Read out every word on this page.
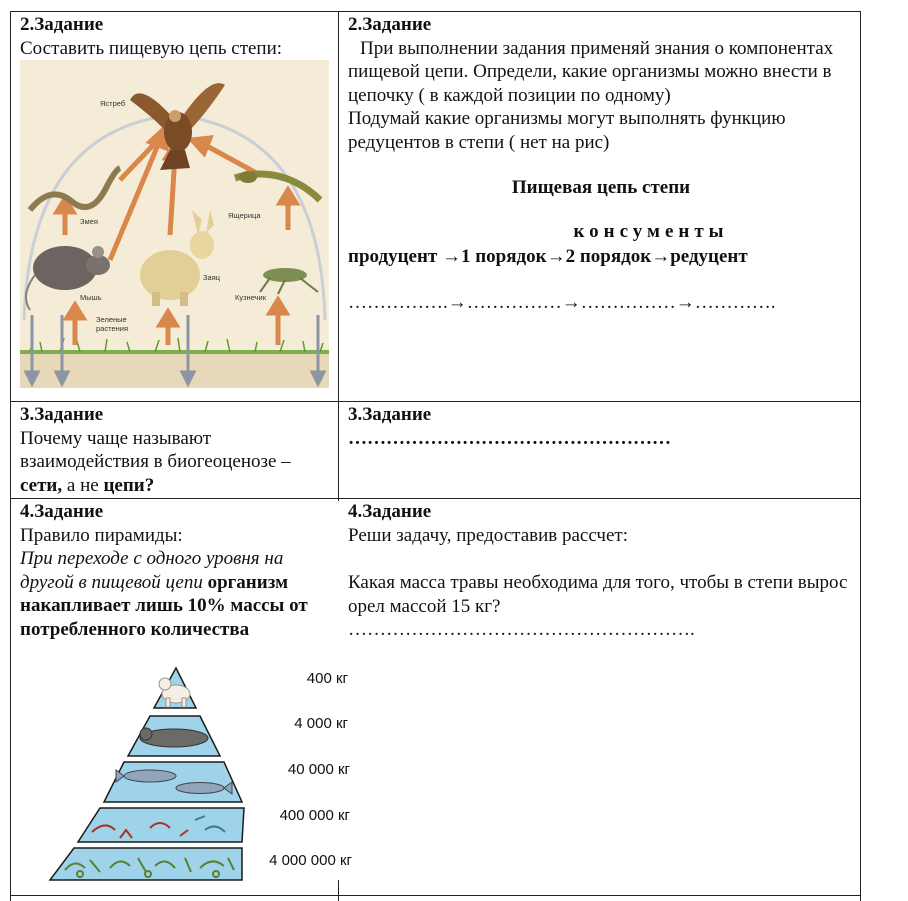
2.Задание
Составить пищевую цепь степи:
Ястреб
Змея
Ящерица
Мышь
Заяц
Кузнечик
Зеленые
растения
2.Задание
При выполнении задания применяй знания о компонентах пищевой цепи. Определи, какие организмы можно внести в цепочку ( в каждой позиции по одному)
Подумай какие организмы могут выполнять функцию редуцентов в степи ( нет на рис)
Пищевая цепь степи
консументы
продуцент →1 порядок→2 порядок→редуцент
…………….→……………→……………→………….
3.Задание
Почему чаще называют взаимодействия в биогеоценозе – сети, а не цепи?
3.Задание
……………………………………………
4.Задание
Правило пирамиды:
При переходе с одного уровня на другой в пищевой цепи организм накапливает лишь 10% массы от потребленного количества
4.Задание
Реши задачу, предоставив рассчет:
Какая масса травы необходима для того, чтобы в степи вырос орел массой 15 кг?
……………………………………………….
400 кг
4 000 кг
40 000 кг
400 000 кг
4 000 000 кг
